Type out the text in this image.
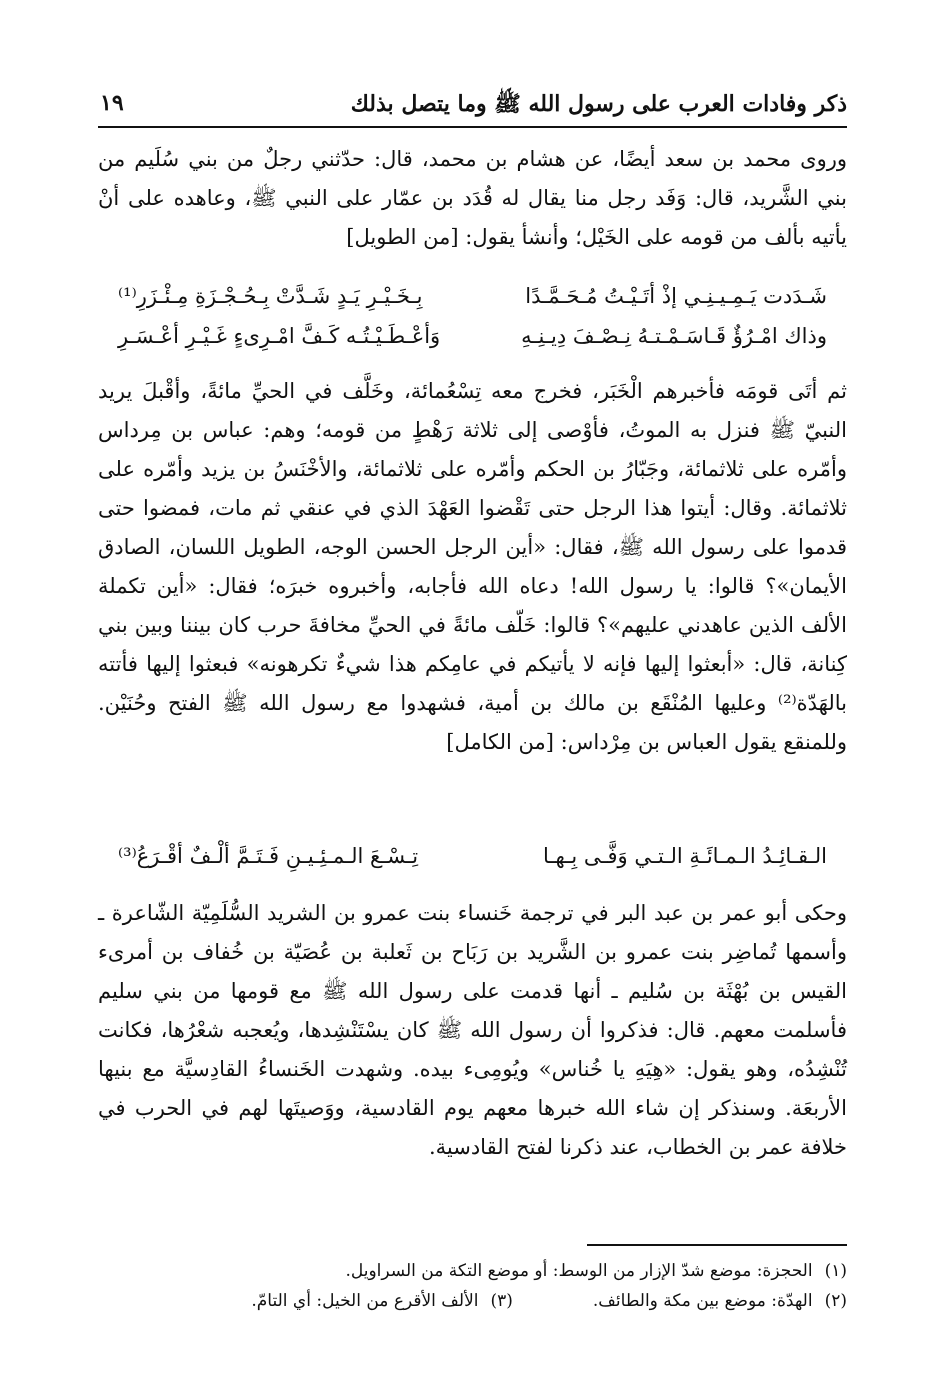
ذكر وفادات العرب على رسول الله ﷺ وما يتصل بذلك
١٩

وروى محمد بن سعد أيضًا، عن هشام بن محمد، قال: حدّثني رجلٌ من بني سُلَيم من بني الشَّريد، قال: وَفَد رجل منا يقال له قُدَد بن عمّار على النبي ﷺ، وعاهده على أنْ يأتيه بألف من قومه على الخَيْل؛ وأنشأ يقول: [من الطويل]

شَـدَدت يَـمِـيـنِـي إذْ أتَـيْـتُ مُـحَـمَّـدًا
بِـخَـيْـرِ يَـدٍ شَـدَّتْ بِـحُـجْـزَةِ مِـئْـزَرِ⁽¹⁾
وذاك امْـرُؤٌ قَـاسَـمْـتـهُ نِـصْـفَ دِيـنِـهِ
وَأعْـطَـيْـتُـه كَـفَّ امْـرِىءٍ غَـيْـرِ أعْـسَـرِ

ثم أتَى قومَه فأخبرهم الْخَبَر، فخرج معه تِسْعُمائة، وخَلَّف في الحيِّ مائةً، وأقْبلَ يريد النبيّ ﷺ فنزل به الموتُ، فأوْصى إلى ثلاثة رَهْطٍ من قومه؛ وهم: عباس بن مِرداس وأمّره على ثلاثمائة، وجَبّارُ بن الحكم وأمّره على ثلاثمائة، والأخْنَسُ بن يزيد وأمّره على ثلاثمائة. وقال: أيتوا هذا الرجل حتى تَقْضوا العَهْدَ الذي في عنقي ثم مات، فمضوا حتى قدموا على رسول الله ﷺ، فقال: «أين الرجل الحسن الوجه، الطويل اللسان، الصادق الأيمان»؟ قالوا: يا رسول الله! دعاه الله فأجابه، وأخبروه خبرَه؛ فقال: «أين تكملة الألف الذين عاهدني عليهم»؟ قالوا: خَلّف مائةً في الحيِّ مخافةَ حرب كان بيننا وبين بني كِنانة، قال: «أبعثوا إليها فإنه لا يأتيكم في عامِكم هذا شيءٌ تكرهونه» فبعثوا إليها فأتته بالهَدّة⁽²⁾ وعليها المُنْقَع بن مالك بن أمية، فشهدوا مع رسول الله ﷺ الفتح وحُنَيْن. وللمنقع يقول العباس بن مِرْداس: [من الكامل]

الـقـائِـدُ الـمـائَـةِ الـتـي وَفَّـى بِـهـا
تِـسْـعَ الـمـئِـيـنِ فَـتَـمَّ ألْـفٌ أقْـرَعُ⁽³⁾

وحكى أبو عمر بن عبد البر في ترجمة خَنساء بنت عمرو بن الشريد السُّلَمِيّة الشّاعرة ـ وأسمها تُماضِر بنت عمرو بن الشَّريد بن رَبَاح بن ثَعلبة بن عُصَيّة بن خُفاف بن أمرىء القيس بن بُهْثَة بن سُليم ـ أنها قدمت على رسول الله ﷺ مع قومها من بني سليم فأسلمت معهم. قال: فذكروا أن رسول الله ﷺ كان يسْتَنْشِدها، ويُعجبه شعْرُها، فكانت تُنْشِدُه، وهو يقول: «هِيَهِ يا خُناس» ويُومِىء بيده. وشهدت الخَنساءُ القادِسيَّة مع بنيها الأربعَة. وسنذكر إن شاء الله خبرها معهم يوم القادسية، ووَصيتَها لهم في الحرب في خلافة عمر بن الخطاب، عند ذكرنا لفتح القادسية.

(١)
الحجزة: موضع شدّ الإزار من الوسط: أو موضع التكة من السراويل.
(٢)
الهدّة: موضع بين مكة والطائف.
(٣)
الألف الأقرع من الخيل: أي التامّ.
